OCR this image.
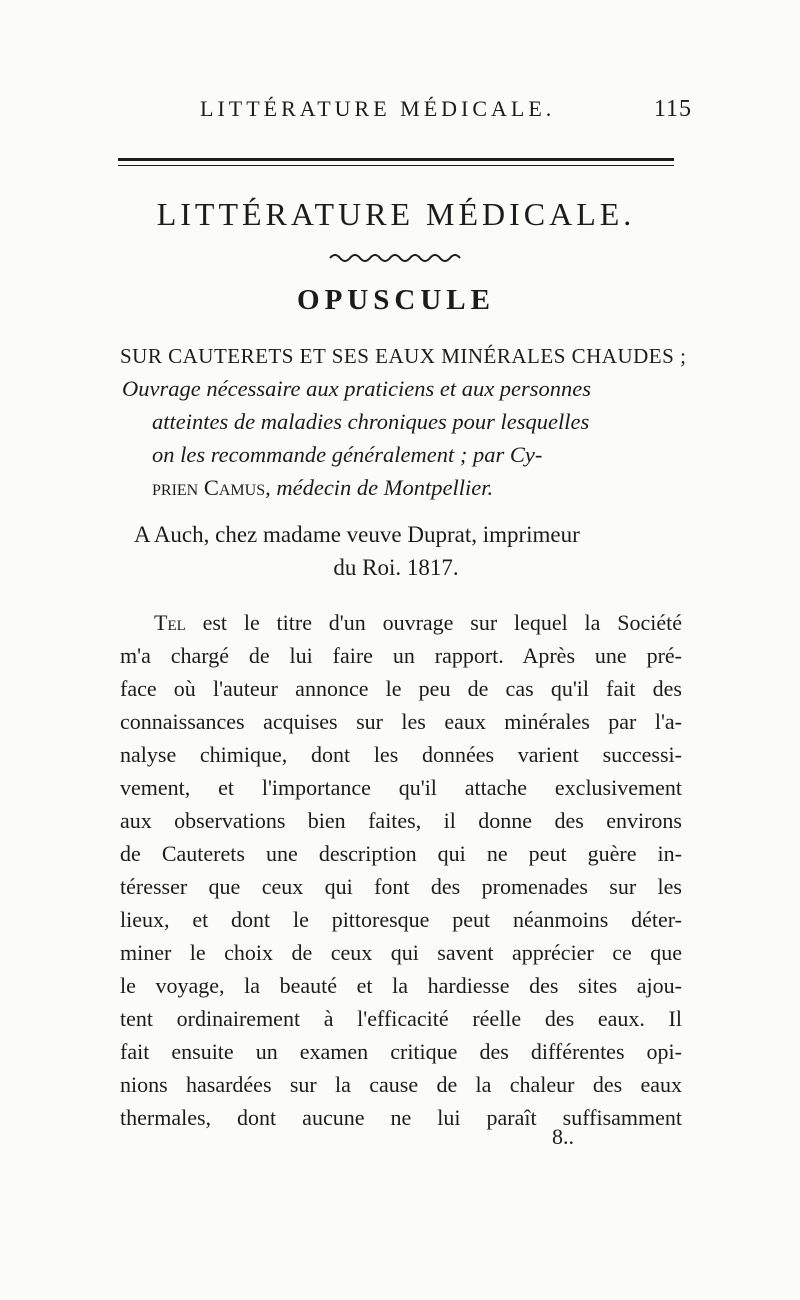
LITTÉRATURE MÉDICALE.	115
LITTÉRATURE MÉDICALE.
OPUSCULE
SUR CAUTERETS ET SES EAUX MINÉRALES CHAUDES ;
Ouvrage nécessaire aux praticiens et aux personnes
atteintes de maladies chroniques pour lesquelles
on les recommande généralement ; par Cy-
prien Camus, médecin de Montpellier.
A Auch, chez madame veuve Duprat, imprimeur
du Roi. 1817.
Tel est le titre d'un ouvrage sur lequel la Société
m'a chargé de lui faire un rapport. Après une pré-
face où l'auteur annonce le peu de cas qu'il fait des
connaissances acquises sur les eaux minérales par l'a-
nalyse chimique, dont les données varient successi-
vement, et l'importance qu'il attache exclusivement
aux observations bien faites, il donne des environs
de Cauterets une description qui ne peut guère in-
téresser que ceux qui font des promenades sur les
lieux, et dont le pittoresque peut néanmoins déter-
miner le choix de ceux qui savent apprécier ce que
le voyage, la beauté et la hardiesse des sites ajou-
tent ordinairement à l'efficacité réelle des eaux. Il
fait ensuite un examen critique des différentes opi-
nions hasardées sur la cause de la chaleur des eaux
thermales, dont aucune ne lui paraît suffisamment
8..
